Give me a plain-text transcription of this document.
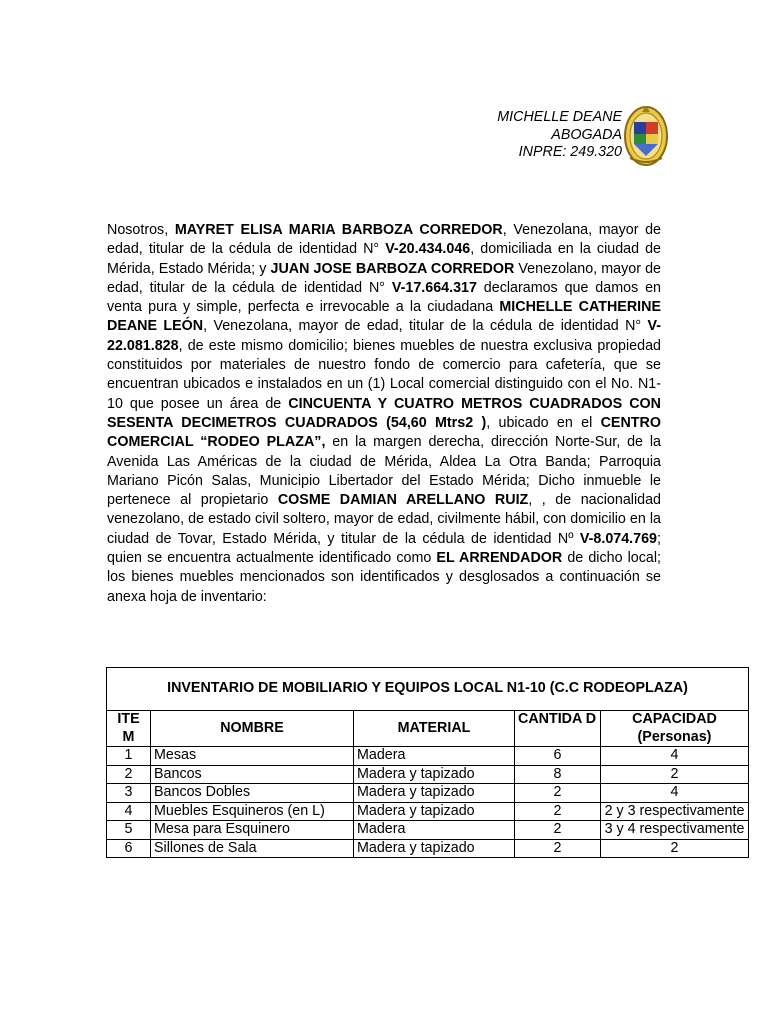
MICHELLE DEANE
ABOGADA
INPRE: 249.320
Nosotros, MAYRET ELISA MARIA BARBOZA CORREDOR, Venezolana, mayor de edad, titular de la cédula de identidad N° V-20.434.046, domiciliada en la ciudad de Mérida, Estado Mérida; y JUAN JOSE BARBOZA CORREDOR Venezolano, mayor de edad, titular de la cédula de identidad N° V-17.664.317 declaramos que damos en venta pura y simple, perfecta e irrevocable a la ciudadana MICHELLE CATHERINE DEANE LEÓN, Venezolana, mayor de edad, titular de la cédula de identidad N° V-22.081.828, de este mismo domicilio; bienes muebles de nuestra exclusiva propiedad constituidos por materiales de nuestro fondo de comercio para cafetería, que se encuentran ubicados e instalados en un (1) Local comercial distinguido con el No. N1-10 que posee un área de CINCUENTA Y CUATRO METROS CUADRADOS CON SESENTA DECIMETROS CUADRADOS (54,60 Mtrs2 ), ubicado en el CENTRO COMERCIAL “RODEO PLAZA”, en la margen derecha, dirección Norte-Sur, de la Avenida Las Américas de la ciudad de Mérida, Aldea La Otra Banda; Parroquia Mariano Picón Salas, Municipio Libertador del Estado Mérida; Dicho inmueble le pertenece al propietario COSME DAMIAN ARELLANO RUIZ, , de nacionalidad venezolano, de estado civil soltero, mayor de edad, civilmente hábil, con domicilio en la ciudad de Tovar, Estado Mérida, y titular de la cédula de identidad Nº V-8.074.769; quien se encuentra actualmente identificado como EL ARRENDADOR de dicho local; los bienes muebles mencionados son identificados y desglosados a continuación se anexa hoja de inventario:
INVENTARIO DE MOBILIARIO Y EQUIPOS LOCAL N1-10 (C.C RODEOPLAZA)				
ITE M	NOMBRE	MATERIAL	CANTIDA D	CAPACIDAD (Personas)
1	Mesas	Madera	6	4
2	Bancos	Madera y tapizado	8	2
3	Bancos Dobles	Madera y tapizado	2	4
4	Muebles Esquineros (en L)	Madera y tapizado	2	2 y 3 respectivamente
5	Mesa para Esquinero	Madera	2	3 y 4 respectivamente
6	Sillones de Sala	Madera y tapizado	2	2
